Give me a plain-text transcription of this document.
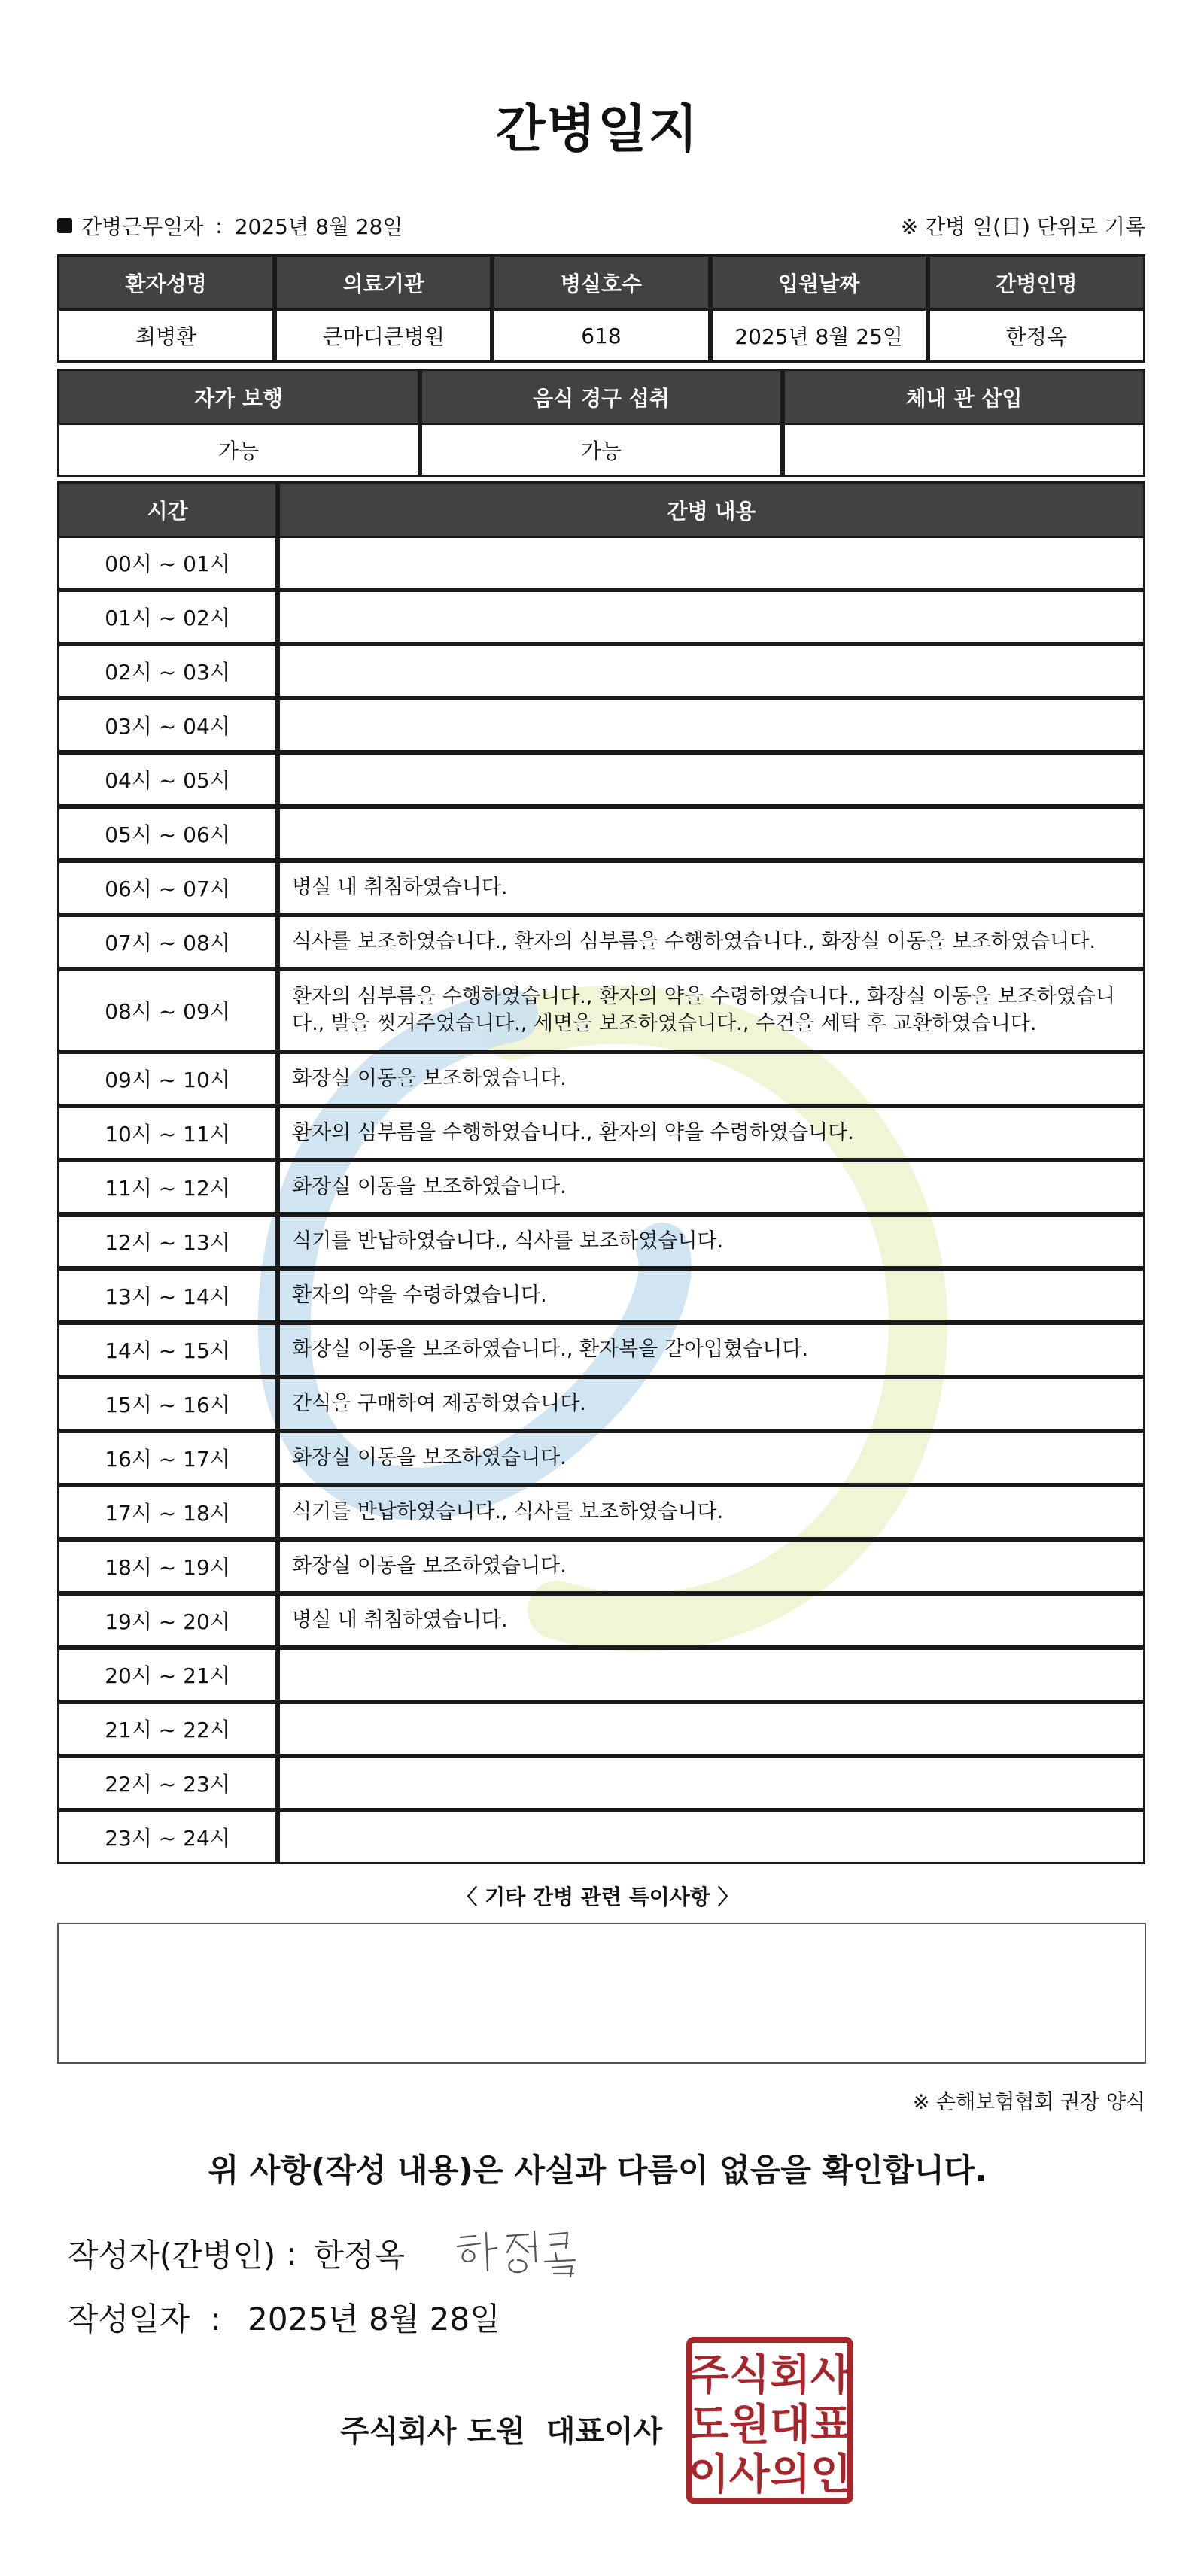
간병일지
간병근무일자 : 2025년 8월 28일	※ 간병 일(日) 단위로 기록
환자성명	의료기관	병실호수	입원날짜	간병인명
최병환	큰마디큰병원	618	2025년 8월 25일	한정옥
자가 보행	음식 경구 섭취	체내 관 삽입
가능	가능	
시간	간병 내용
00시 ~ 01시	
01시 ~ 02시	
02시 ~ 03시	
03시 ~ 04시	
04시 ~ 05시	
05시 ~ 06시	
06시 ~ 07시	병실 내 취침하였습니다.
07시 ~ 08시	식사를 보조하였습니다., 환자의 심부름을 수행하였습니다., 화장실 이동을 보조하였습니다.
08시 ~ 09시	환자의 심부름을 수행하였습니다., 환자의 약을 수령하였습니다., 화장실 이동을 보조하였습니다., 발을 씻겨주었습니다., 세면을 보조하였습니다., 수건을 세탁 후 교환하였습니다.
09시 ~ 10시	화장실 이동을 보조하였습니다.
10시 ~ 11시	환자의 심부름을 수행하였습니다., 환자의 약을 수령하였습니다.
11시 ~ 12시	화장실 이동을 보조하였습니다.
12시 ~ 13시	식기를 반납하였습니다., 식사를 보조하였습니다.
13시 ~ 14시	환자의 약을 수령하였습니다.
14시 ~ 15시	화장실 이동을 보조하였습니다., 환자복을 갈아입혔습니다.
15시 ~ 16시	간식을 구매하여 제공하였습니다.
16시 ~ 17시	화장실 이동을 보조하였습니다.
17시 ~ 18시	식기를 반납하였습니다., 식사를 보조하였습니다.
18시 ~ 19시	화장실 이동을 보조하였습니다.
19시 ~ 20시	병실 내 취침하였습니다.
20시 ~ 21시	
21시 ~ 22시	
22시 ~ 23시	
23시 ~ 24시	
〈 기타 간병 관련 특이사항 〉
※ 손해보험협회 권장 양식
위 사항(작성 내용)은 사실과 다름이 없음을 확인합니다.
작성자(간병인) : 한정옥
작성일자 : 2025년 8월 28일
주식회사 도원 대표이사
주식회사
도원대표
이사의인
